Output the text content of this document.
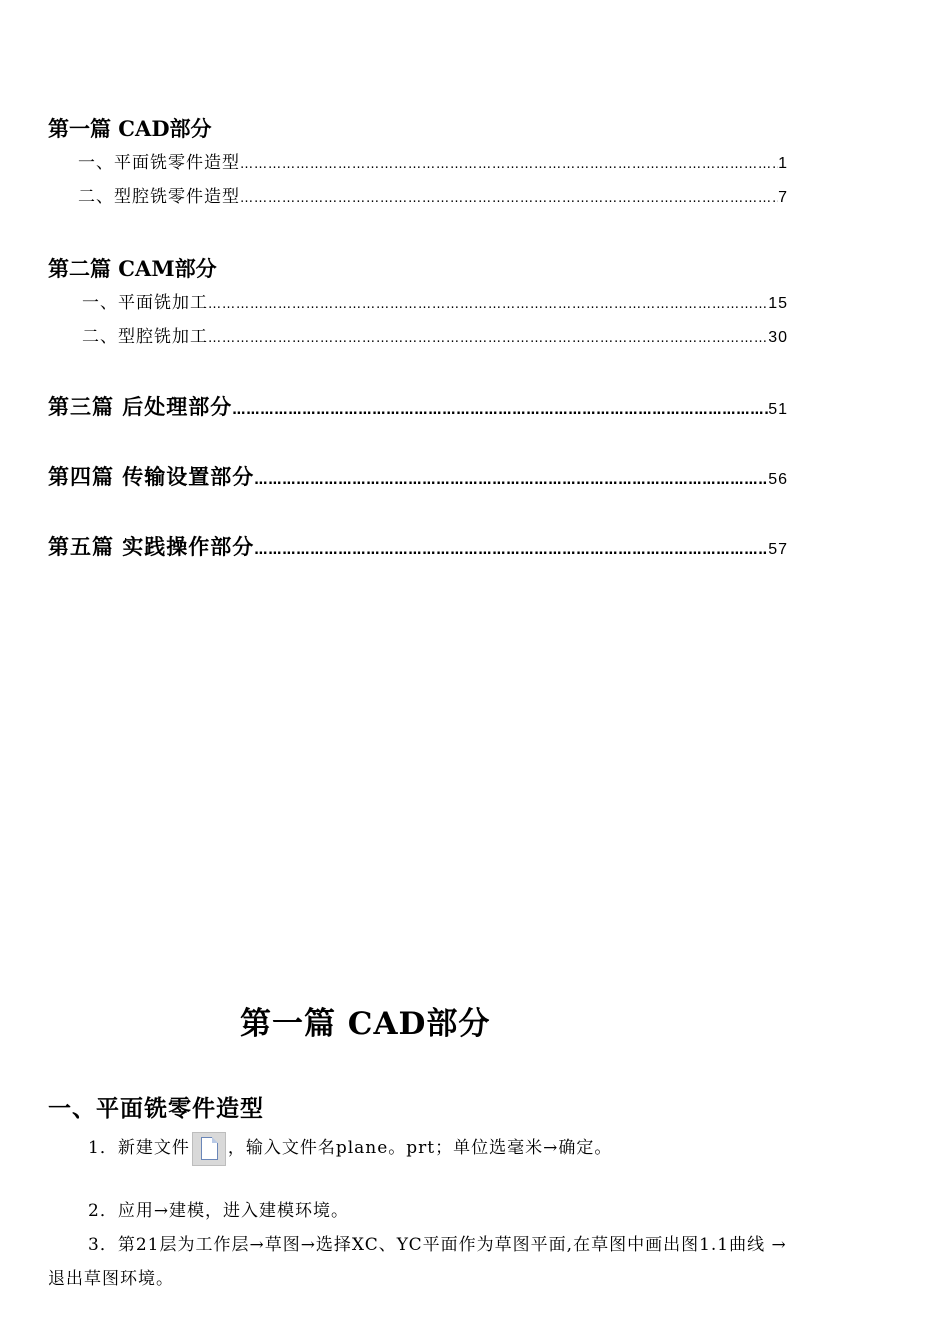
第一篇 CAD部分
一、平面铣零件造型 ……………………………………………………………………………………………………………………………………………………………………………………………………………………	1
二、型腔铣零件造型 ……………………………………………………………………………………………………………………………………………………………………………………………………………………	7
第二篇 CAM部分
一、平面铣加工 ……………………………………………………………………………………………………………………………………………………………………………………………………………………	15
二、型腔铣加工 ……………………………………………………………………………………………………………………………………………………………………………………………………………………	30
第三篇 后处理部分 ……………………………………………………………………………………………………………………………………………………………………………………………………………………	51
第四篇 传输设置部分 ……………………………………………………………………………………………………………………………………………………………………………………………………………………	56
第五篇 实践操作部分 ……………………………………………………………………………………………………………………………………………………………………………………………………………………	57
第一篇 CAD部分
一、平面铣零件造型
1．新建文件 ，输入文件名plane。prt；单位选毫米→确定。
2．应用→建模，进入建模环境。
3．第21层为工作层→草图→选择XC、YC平面作为草图平面,在草图中画出图1.1曲线 →
退出草图环境。
